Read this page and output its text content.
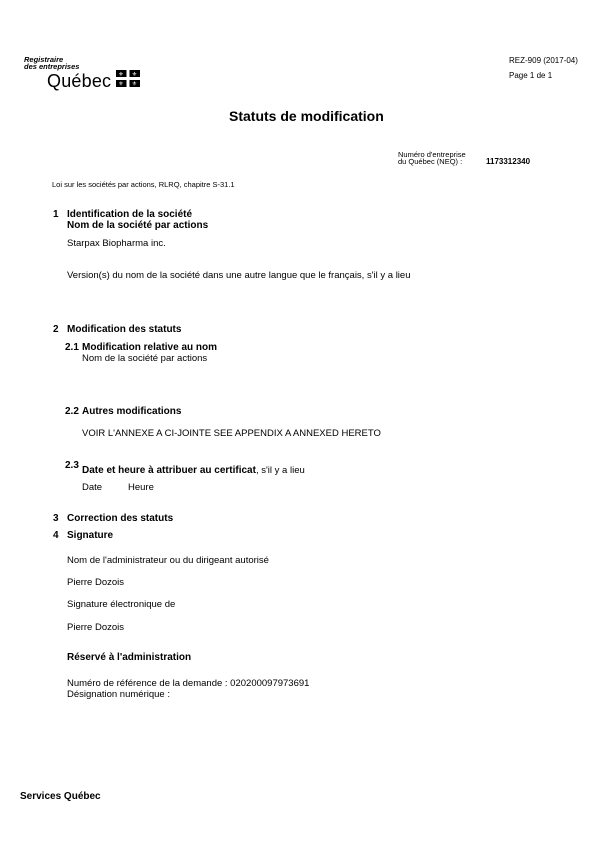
Registraire
des entreprises
Québec ⚜ ⚜
⚜ ⚜
REZ-909 (2017-04)
Page 1 de 1
Statuts de modification
Numéro d'entreprise
du Québec (NEQ) :	1173312340
Loi sur les sociétés par actions, RLRQ, chapitre S-31.1
1 Identification de la société
Nom de la société par actions
Starpax Biopharma inc.
Version(s) du nom de la société dans une autre langue que le français, s'il y a lieu
2 Modification des statuts
2.1 Modification relative au nom
Nom de la société par actions
2.2 Autres modifications
VOIR L'ANNEXE A CI-JOINTE SEE APPENDIX A ANNEXED HERETO
2.3 Date et heure à attribuer au certificat, s'il y a lieu
Date	Heure
3 Correction des statuts
4 Signature
Nom de l'administrateur ou du dirigeant autorisé
Pierre Dozois
Signature électronique de
Pierre Dozois
Réservé à l'administration
Numéro de référence de la demande : 020200097973691
Désignation numérique :
Services Québec
